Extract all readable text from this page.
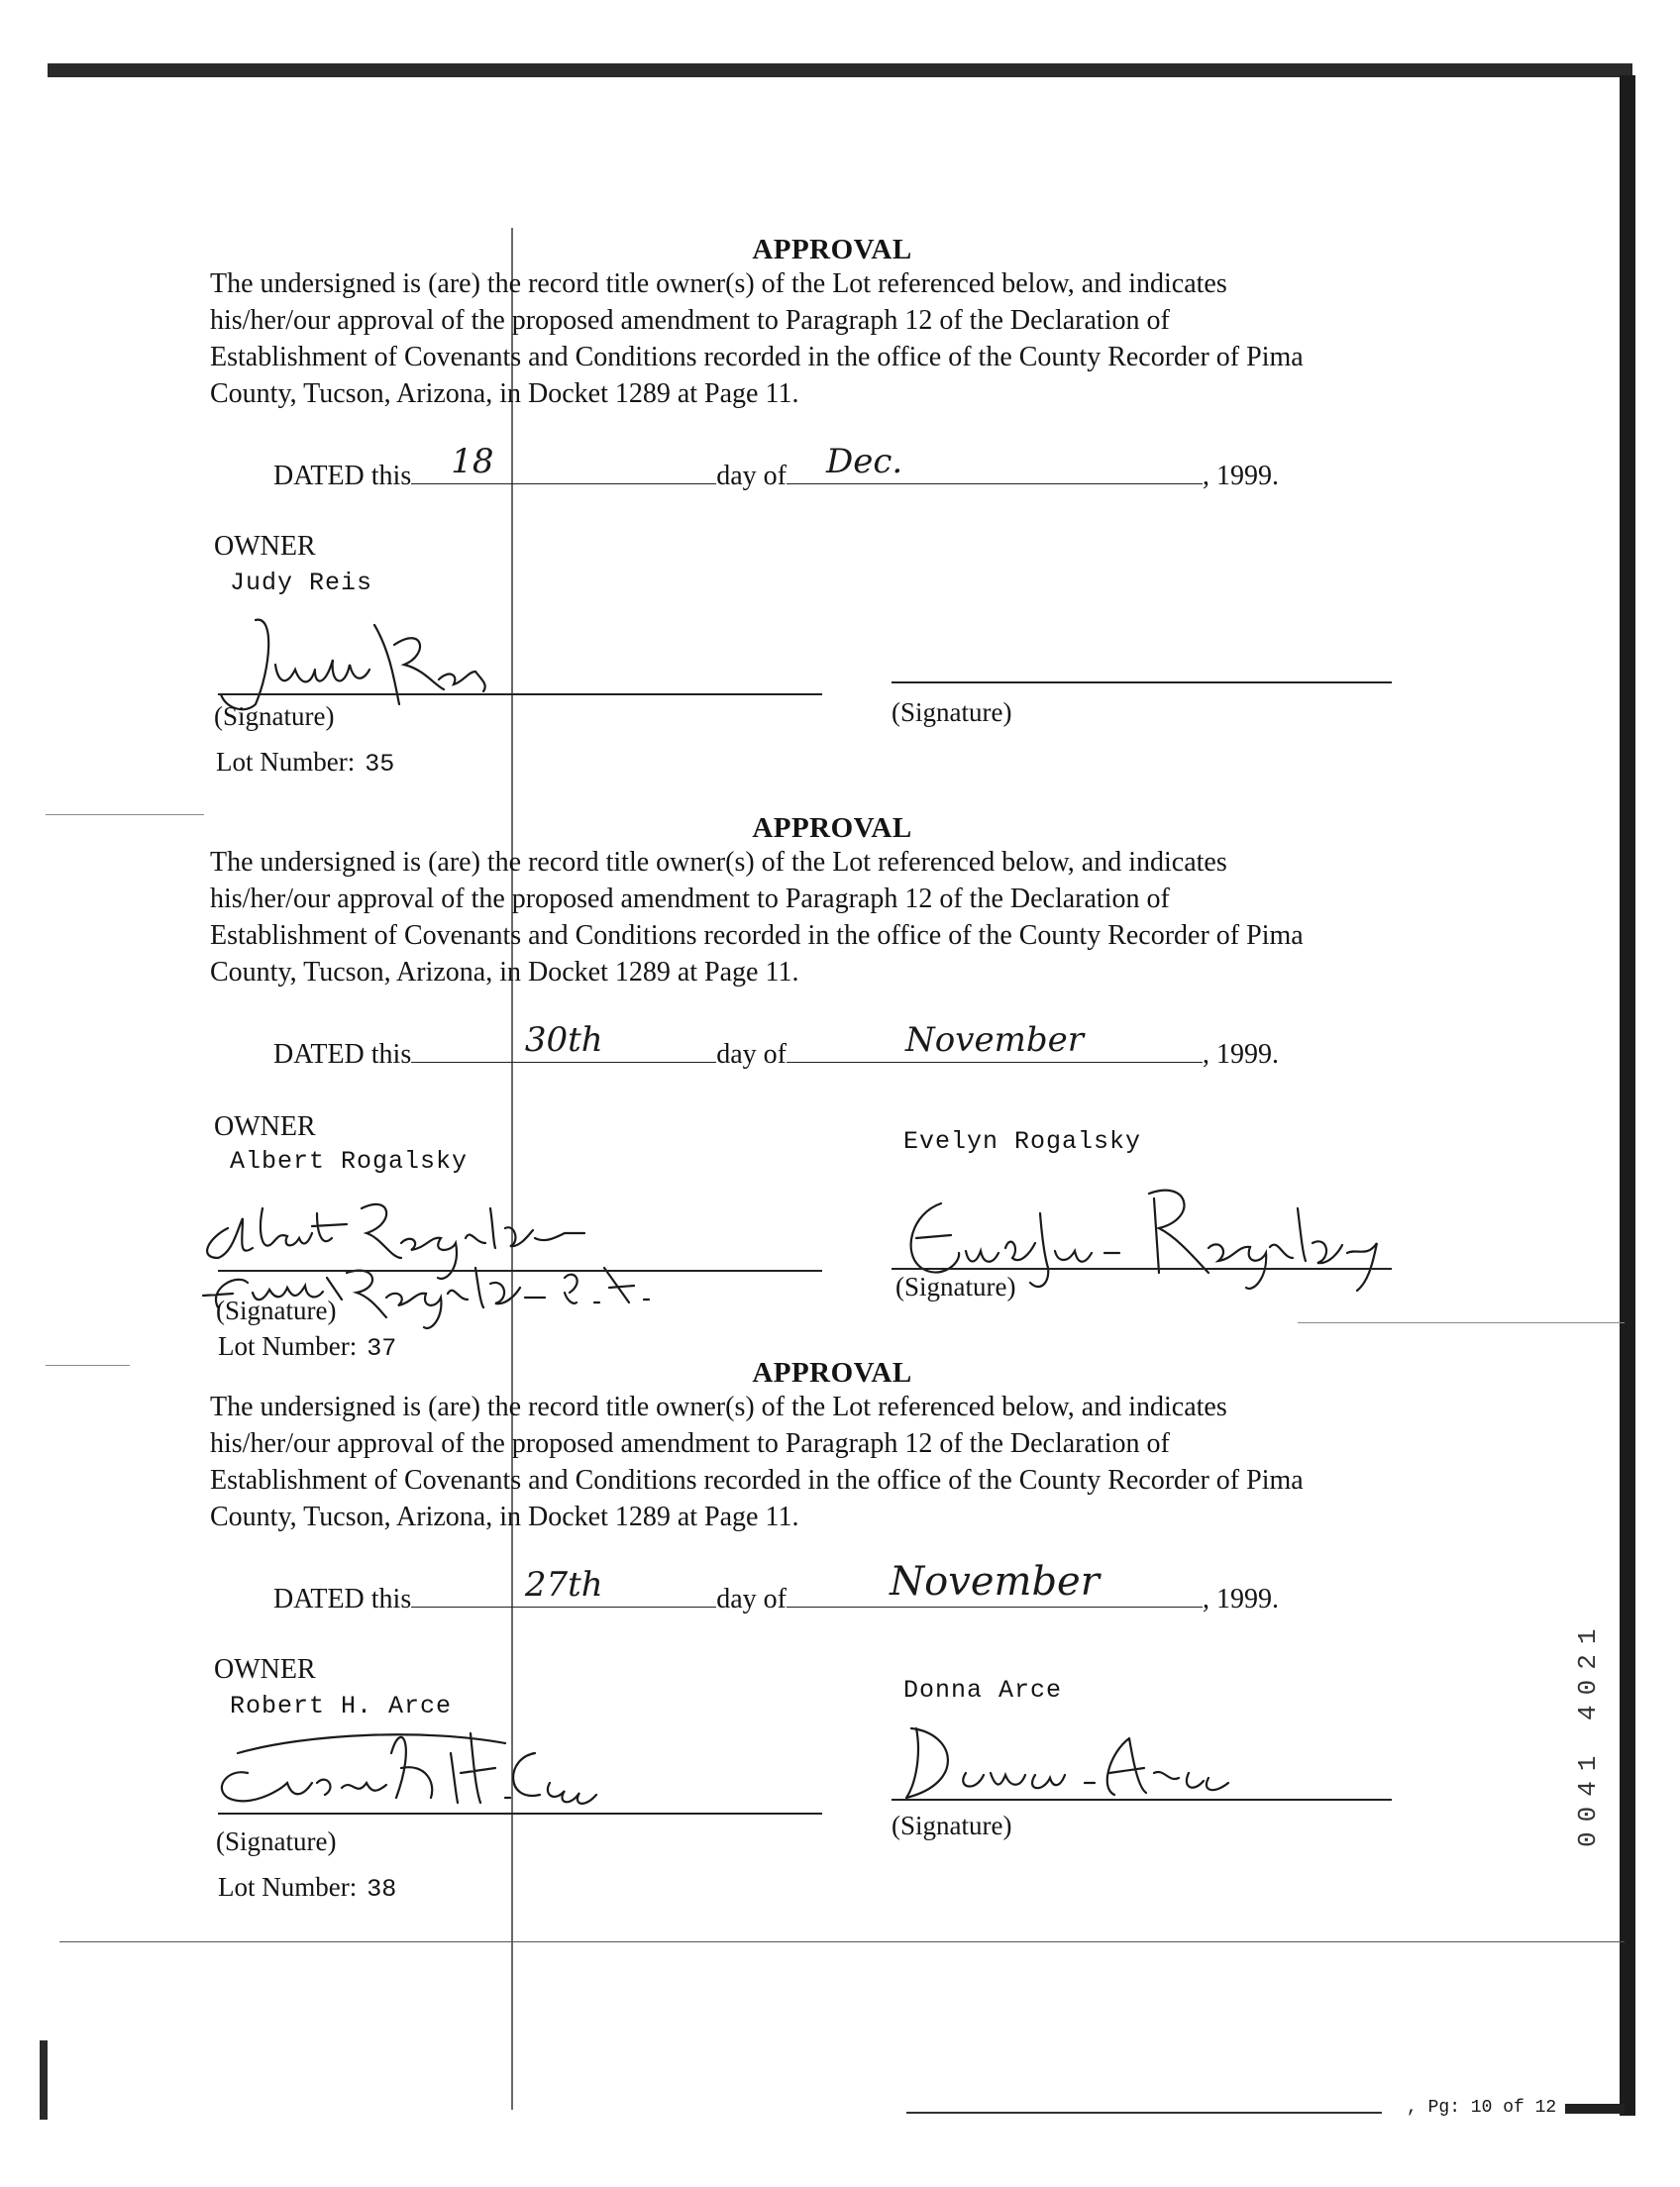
APPROVAL
The undersigned is (are) the record title owner(s) of the Lot referenced below, and indicates
his/her/our approval of the proposed amendment to Paragraph 12 of the Declaration of
Establishment of Covenants and Conditions recorded in the office of the County Recorder of Pima
County, Tucson, Arizona, in Docket 1289 at Page 11.
DATED this 18	day of Dec.	, 1999.
OWNER
Judy Reis
(Signature)	(Signature)
Lot Number: 35
APPROVAL
The undersigned is (are) the record title owner(s) of the Lot referenced below, and indicates
his/her/our approval of the proposed amendment to Paragraph 12 of the Declaration of
Establishment of Covenants and Conditions recorded in the office of the County Recorder of Pima
County, Tucson, Arizona, in Docket 1289 at Page 11.
DATED this	30th	day of	November	, 1999.
OWNER
Albert Rogalsky
Evelyn Rogalsky
(Signature)
(Signature)
Lot Number: 37
APPROVAL
The undersigned is (are) the record title owner(s) of the Lot referenced below, and indicates
his/her/our approval of the proposed amendment to Paragraph 12 of the Declaration of
Establishment of Covenants and Conditions recorded in the office of the County Recorder of Pima
County, Tucson, Arizona, in Docket 1289 at Page 11.
DATED this	27th	day of	November	, 1999.
OWNER
Robert H. Arce
Donna Arce
(Signature)
(Signature)
Lot Number: 38
0041 4021
, Pg: 10 of 12
